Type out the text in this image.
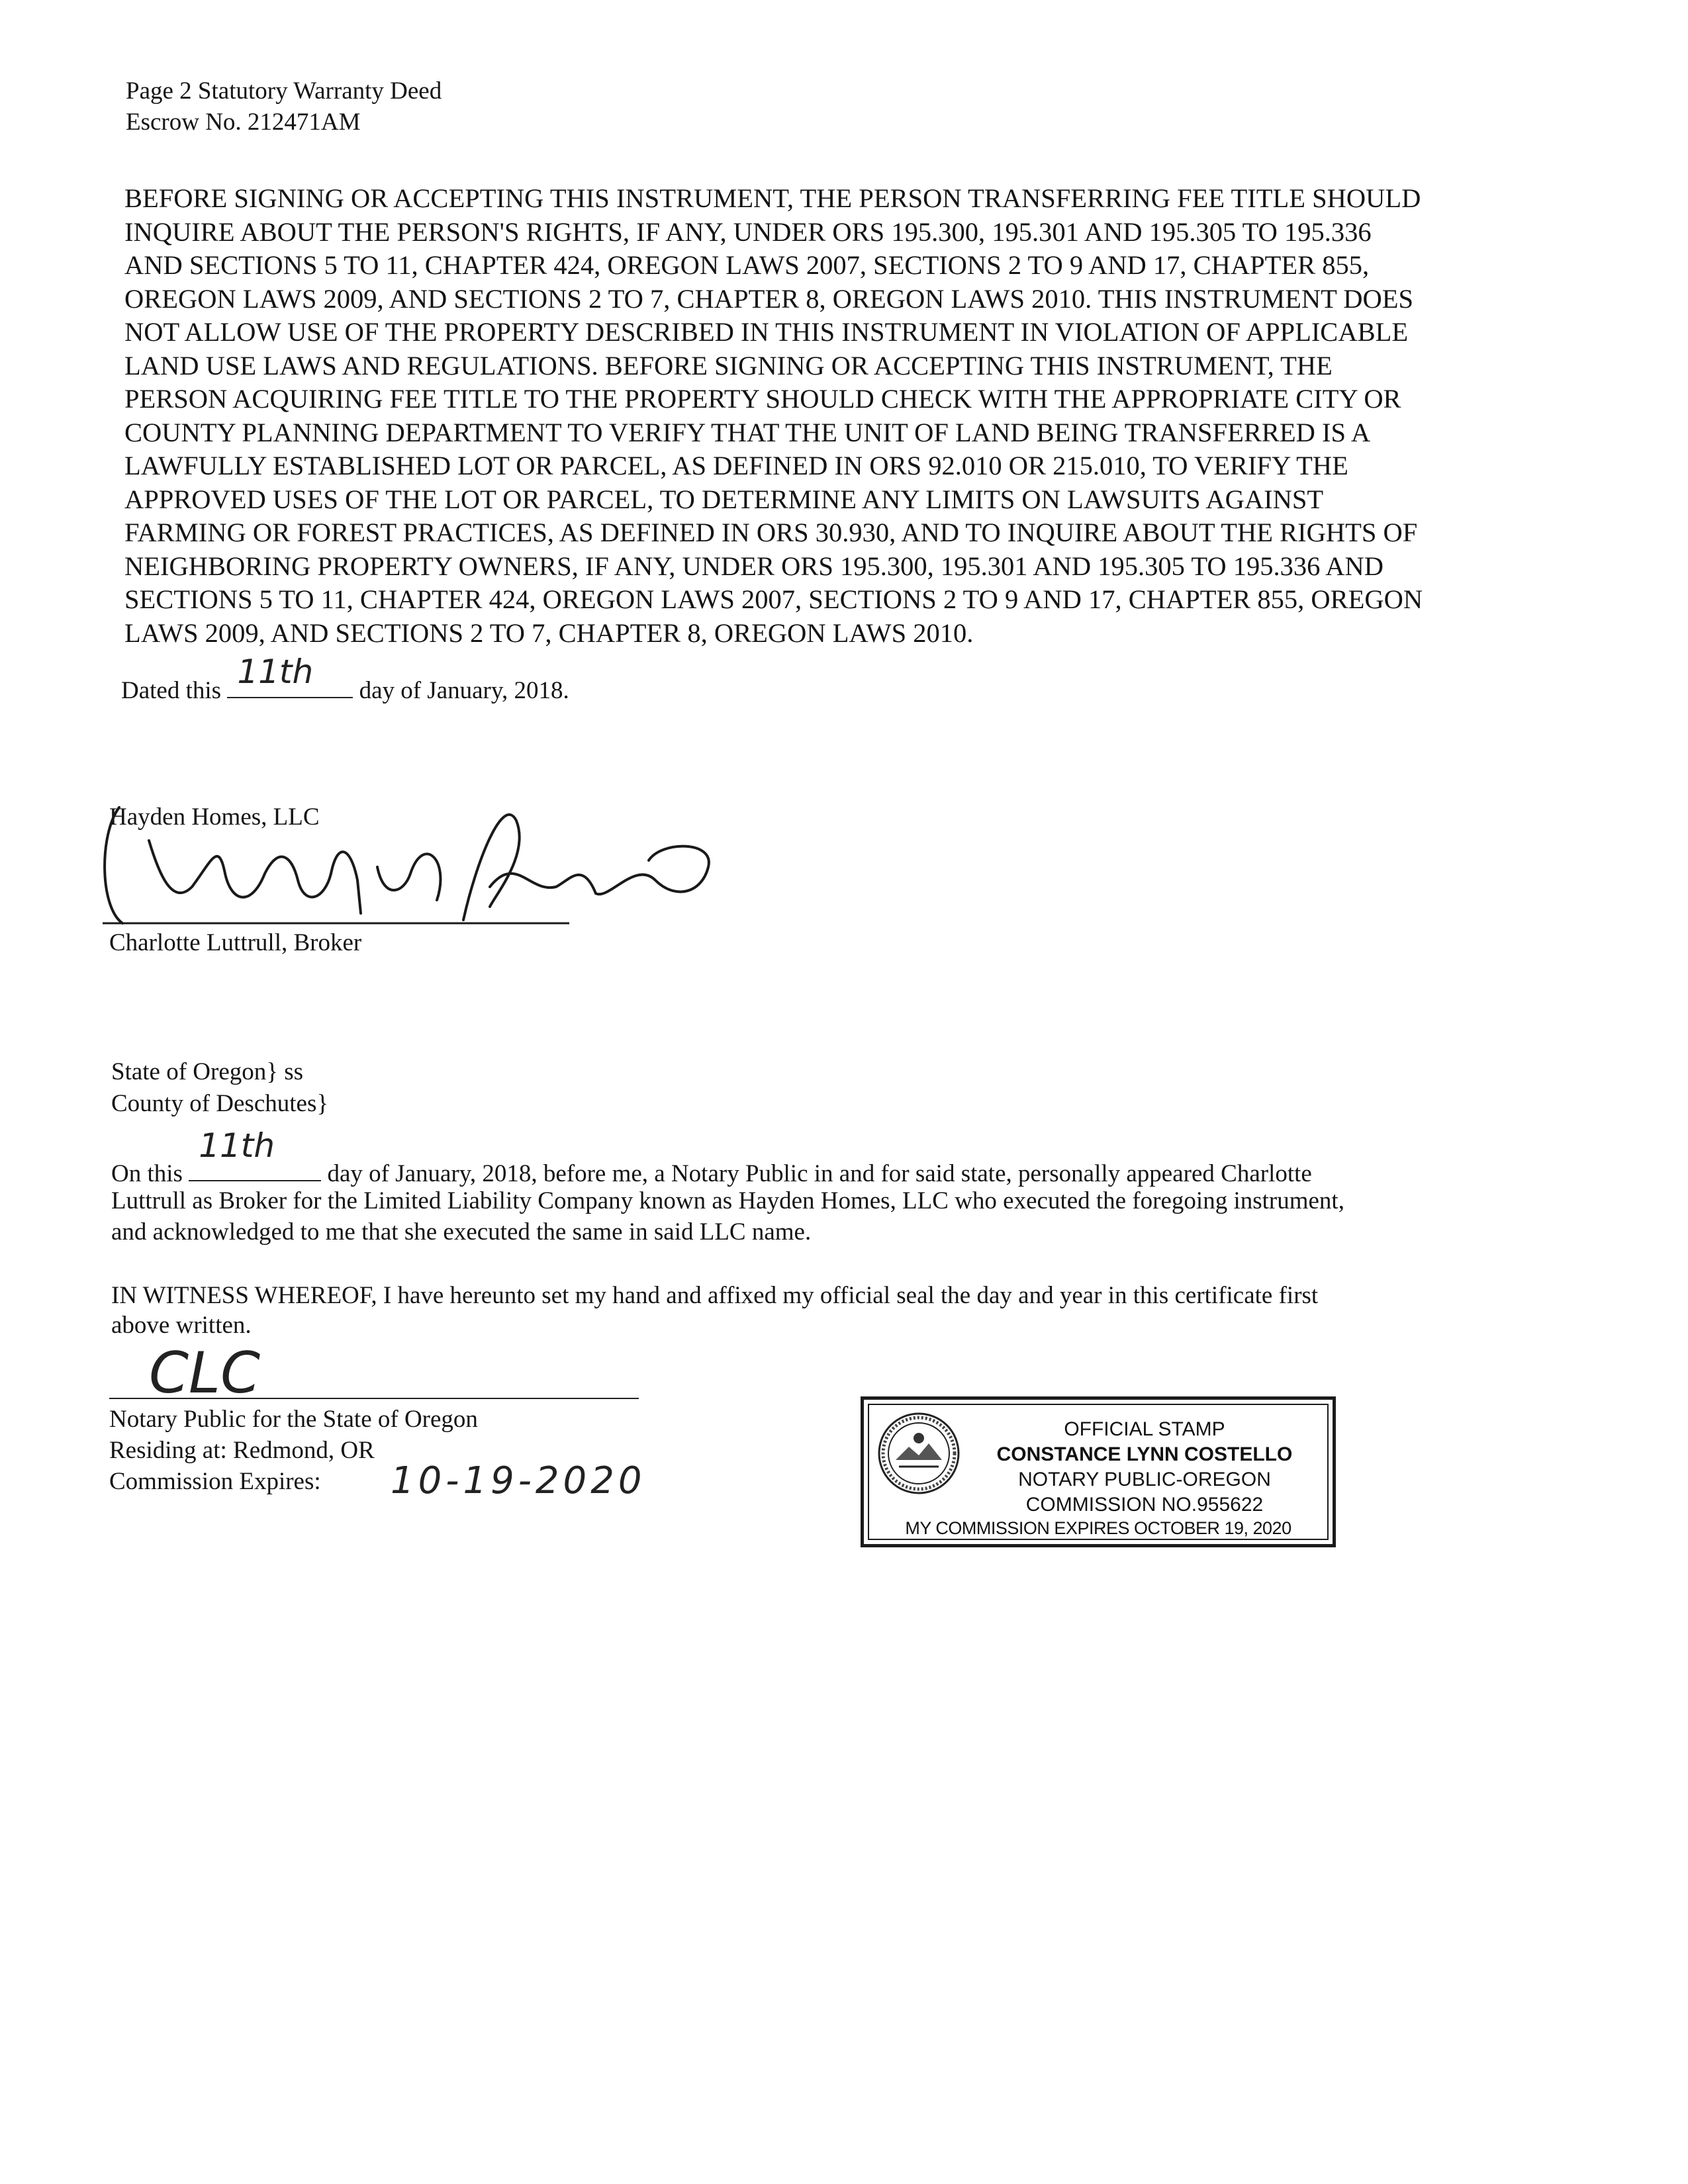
Page 2 Statutory Warranty Deed
Escrow No. 212471AM
BEFORE SIGNING OR ACCEPTING THIS INSTRUMENT, THE PERSON TRANSFERRING FEE TITLE SHOULD
INQUIRE ABOUT THE PERSON'S RIGHTS, IF ANY, UNDER ORS 195.300, 195.301 AND 195.305 TO 195.336
AND SECTIONS 5 TO 11, CHAPTER 424, OREGON LAWS 2007, SECTIONS 2 TO 9 AND 17, CHAPTER 855,
OREGON LAWS 2009, AND SECTIONS 2 TO 7, CHAPTER 8, OREGON LAWS 2010. THIS INSTRUMENT DOES
NOT ALLOW USE OF THE PROPERTY DESCRIBED IN THIS INSTRUMENT IN VIOLATION OF APPLICABLE
LAND USE LAWS AND REGULATIONS. BEFORE SIGNING OR ACCEPTING THIS INSTRUMENT, THE
PERSON ACQUIRING FEE TITLE TO THE PROPERTY SHOULD CHECK WITH THE APPROPRIATE CITY OR
COUNTY PLANNING DEPARTMENT TO VERIFY THAT THE UNIT OF LAND BEING TRANSFERRED IS A
LAWFULLY ESTABLISHED LOT OR PARCEL, AS DEFINED IN ORS 92.010 OR 215.010, TO VERIFY THE
APPROVED USES OF THE LOT OR PARCEL, TO DETERMINE ANY LIMITS ON LAWSUITS AGAINST
FARMING OR FOREST PRACTICES, AS DEFINED IN ORS 30.930, AND TO INQUIRE ABOUT THE RIGHTS OF
NEIGHBORING PROPERTY OWNERS, IF ANY, UNDER ORS 195.300, 195.301 AND 195.305 TO 195.336 AND
SECTIONS 5 TO 11, CHAPTER 424, OREGON LAWS 2007, SECTIONS 2 TO 9 AND 17, CHAPTER 855, OREGON
LAWS 2009, AND SECTIONS 2 TO 7, CHAPTER 8, OREGON LAWS 2010.
Dated this 11th day of January, 2018.
Hayden Homes, LLC
Charlotte Luttrull, Broker
State of Oregon} ss
County of Deschutes}
On this
11th
day of January, 2018, before me, a Notary Public in and for said state, personally appeared Charlotte
Luttrull as Broker for the Limited Liability Company known as Hayden Homes, LLC who executed the foregoing instrument,
and acknowledged to me that she executed the same in said LLC name.
IN WITNESS WHEREOF, I have hereunto set my hand and affixed my official seal the day and year in this certificate first
above written.
CLC
Notary Public for the State of Oregon
Residing at: Redmond, OR
Commission Expires: 10-19-2020
OFFICIAL STAMP
CONSTANCE LYNN COSTELLO
NOTARY PUBLIC-OREGON
COMMISSION NO.955622
MY COMMISSION EXPIRES OCTOBER 19, 2020
